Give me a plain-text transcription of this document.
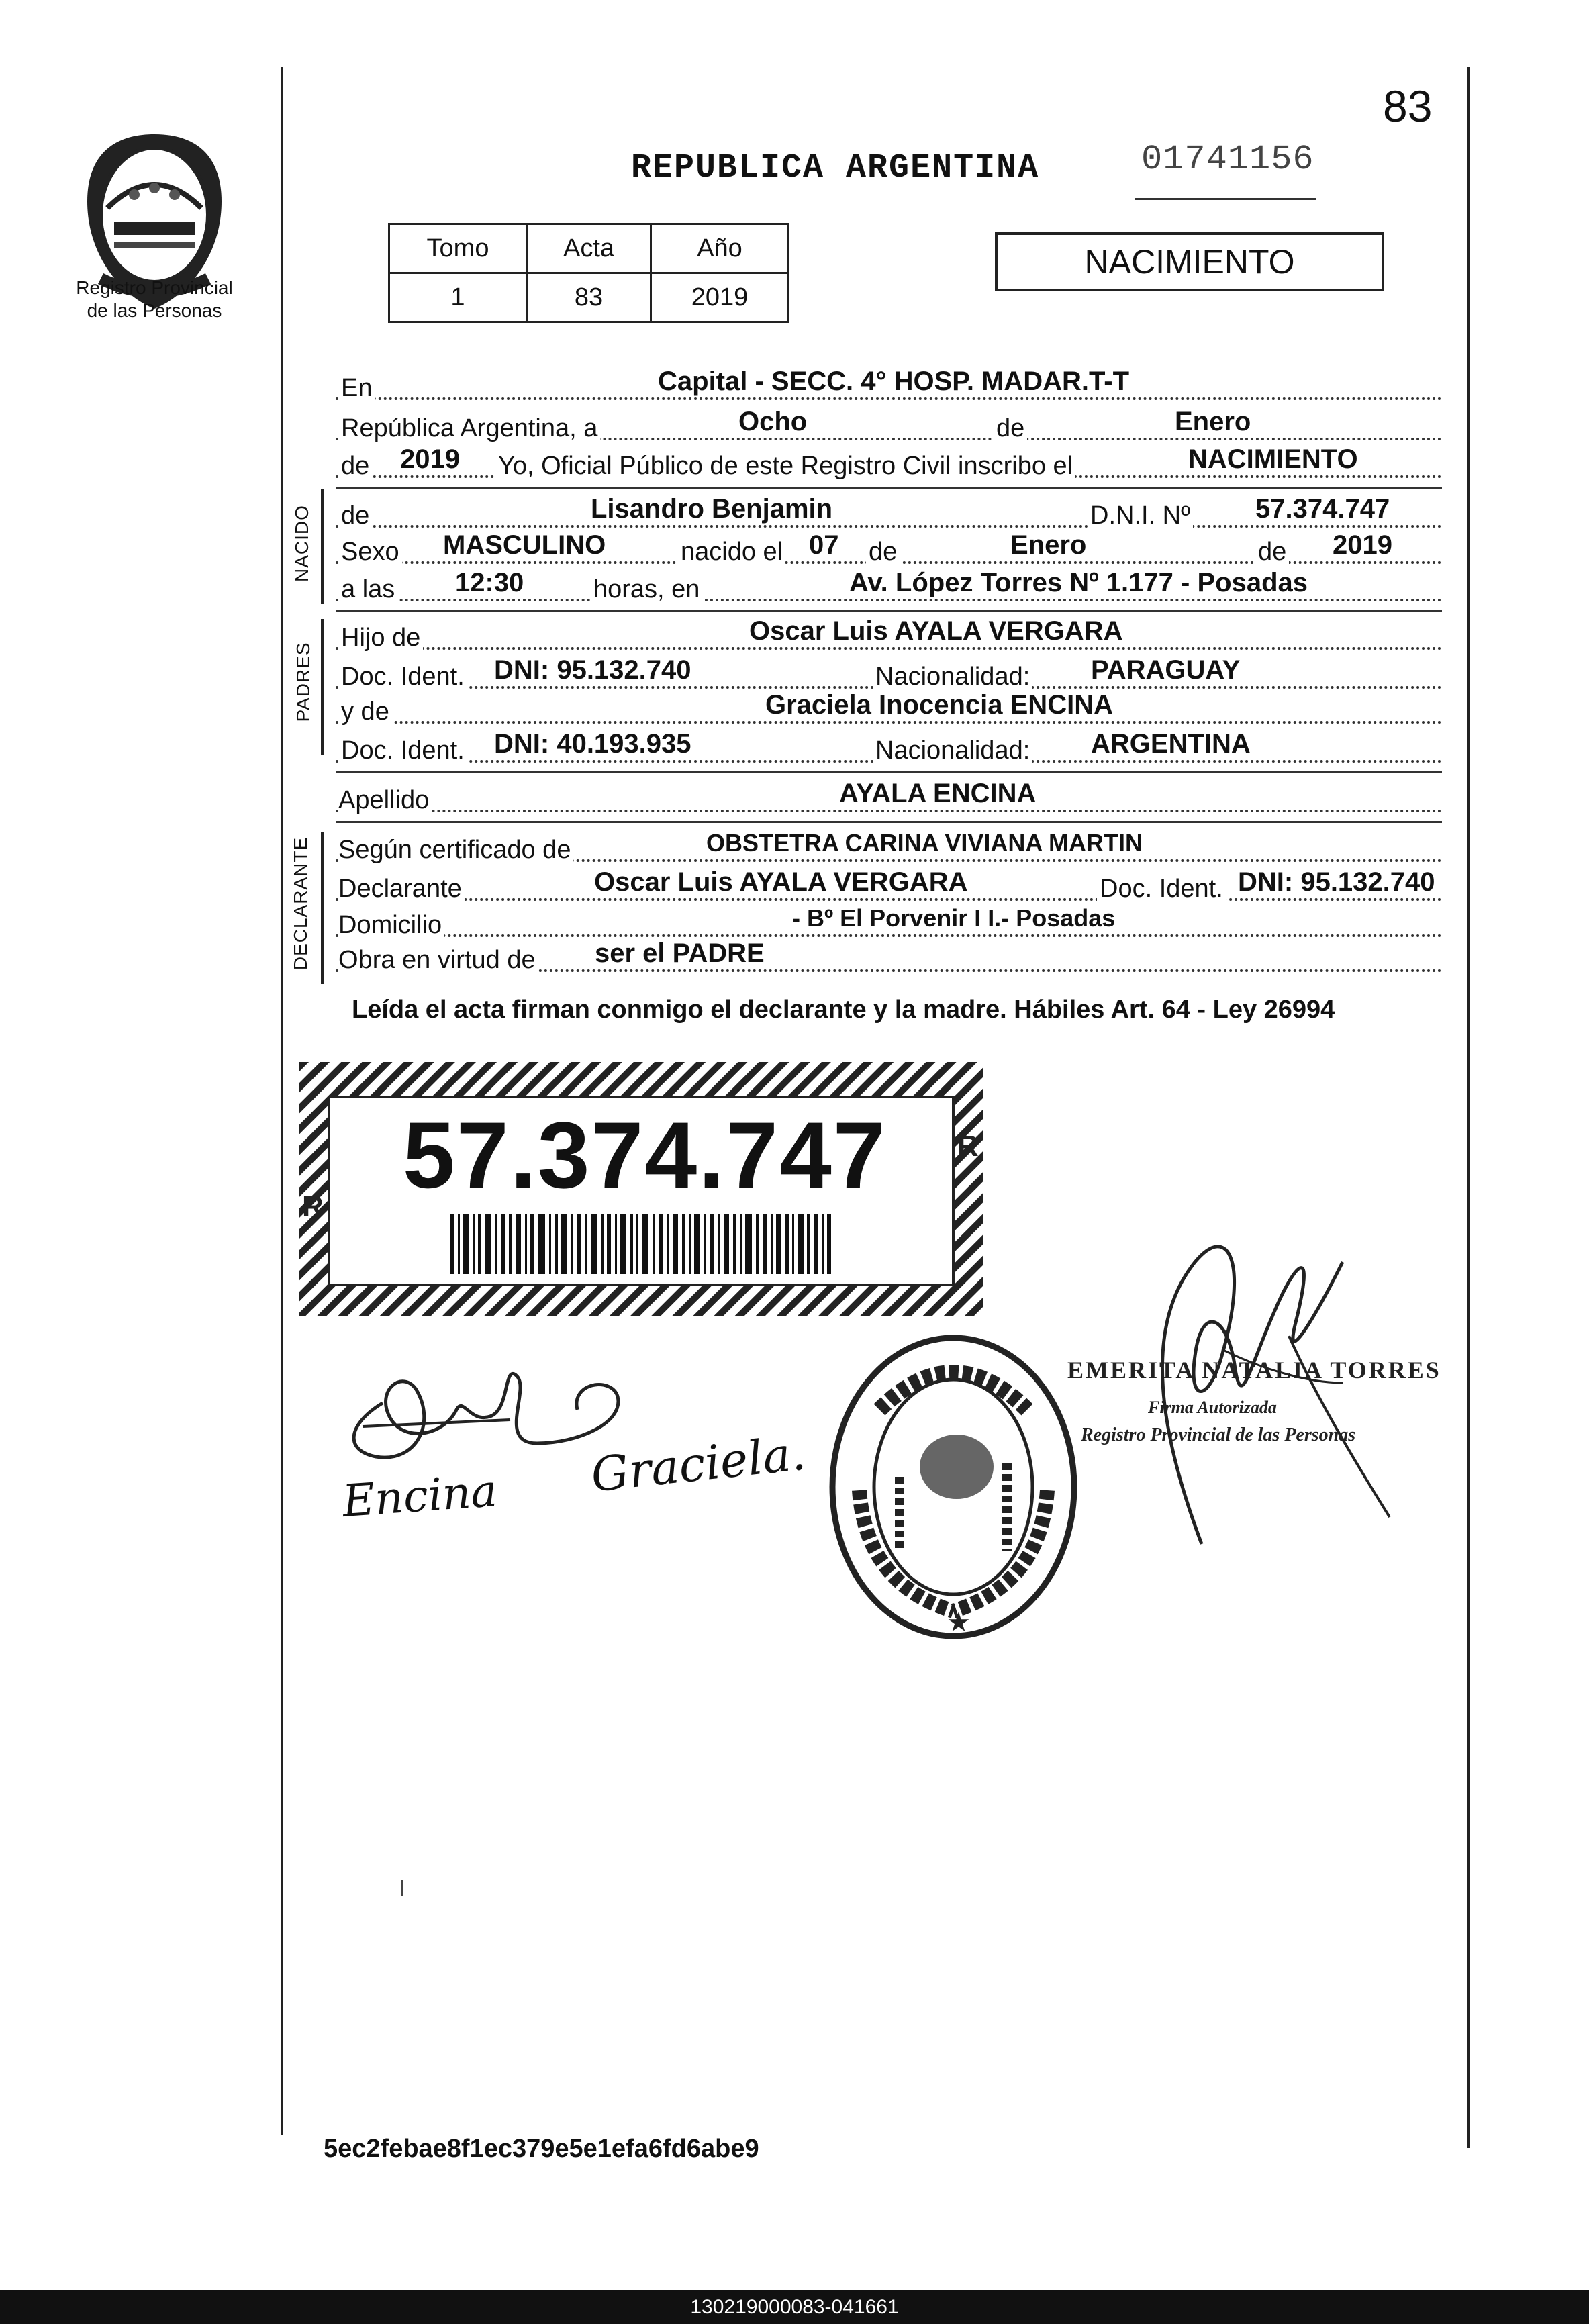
Registro Provincial
de las Personas
83
REPUBLICA ARGENTINA	01741156
Tomo	Acta	Año
1	83	2019
NACIMIENTO
En	Capital - SECC. 4° HOSP. MADAR.T-T
República Argentina, a	Ocho	de	Enero
de 2019 Yo, Oficial Público de este Registro Civil inscribo el	NACIMIENTO
NACIDO de	Lisandro Benjamin	D.N.I. Nº 57.374.747
Sexo MASCULINO	nacido el 07 de	Enero	de 2019
a las 12:30	horas, en	Av. López Torres Nº 1.177 - Posadas
PADRES
Hijo de	Oscar Luis AYALA VERGARA
Doc. Ident. DNI: 95.132.740	Nacionalidad: PARAGUAY
y de	Graciela Inocencia ENCINA
Doc. Ident. DNI: 40.193.935	Nacionalidad: ARGENTINA
Apellido	AYALA ENCINA
DECLARANTE Según certificado de	OBSTETRA CARINA VIVIANA MARTIN
Declarante	Oscar Luis AYALA VERGARA	Doc. Ident. DNI: 95.132.740
Domicilio	- Bº El Porvenir I I.- Posadas
Obra en virtud de ser el PADRE
Leída el acta firman conmigo el declarante y la madre. Hábiles Art. 64 - Ley 26994
R
R 57.374.747
Encina Graciela.
★
EMERITA NATALIA TORRES
Firma Autorizada
Registro Provincial de las Personas
5ec2febae8f1ec379e5e1efa6fd6abe9
130219000083-041661
